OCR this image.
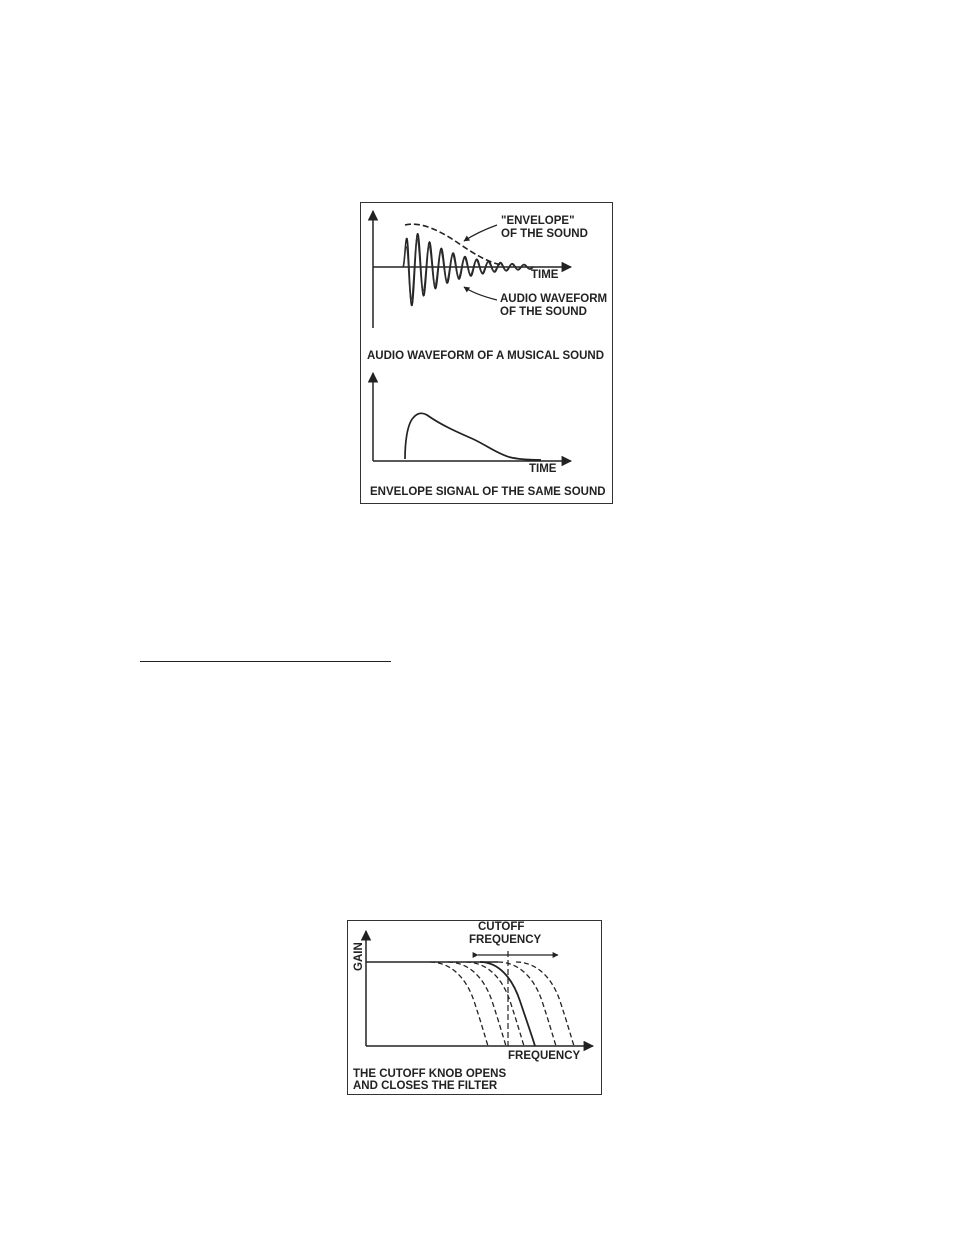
"ENVELOPE"
OF THE SOUND
TIME
AUDIO WAVEFORM
OF THE SOUND
AUDIO WAVEFORM OF A MUSICAL SOUND
TIME
ENVELOPE SIGNAL OF THE SAME SOUND
CUTOFF
FREQUENCY
GAIN
FREQUENCY
THE CUTOFF KNOB OPENS
AND CLOSES THE FILTER
